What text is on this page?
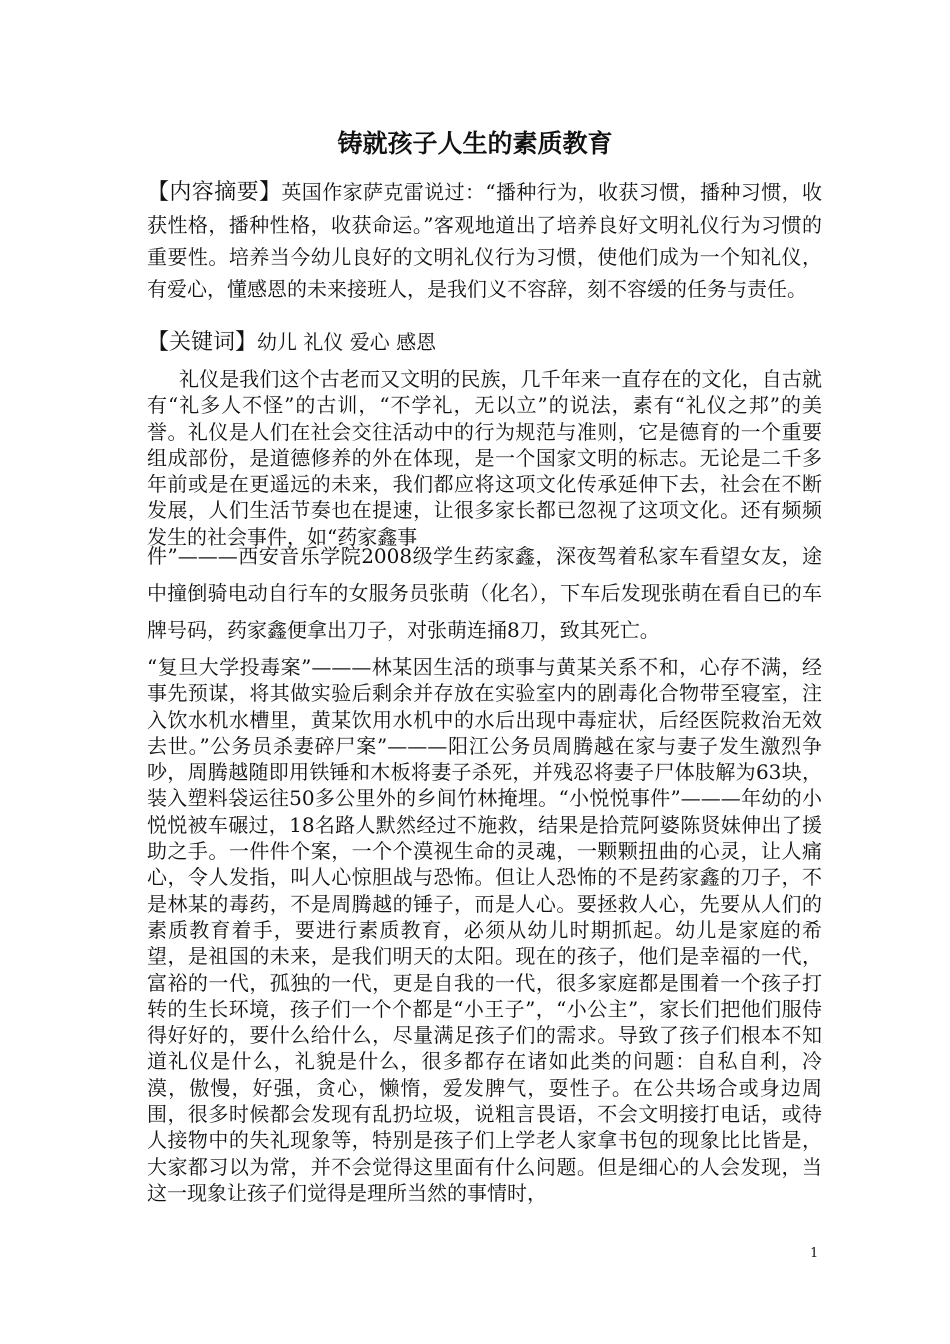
铸就孩子人生的素质教育

【内容摘要】英国作家萨克雷说过：“播种行为，收获习惯，播种习惯，收获性格，播种性格，收获命运。”客观地道出了培养良好文明礼仪行为习惯的重要性。培养当今幼儿良好的文明礼仪行为习惯，使他们成为一个知礼仪，有爱心，懂感恩的未来接班人，是我们义不容辞，刻不容缓的任务与责任。

【关键词】幼儿 礼仪 爱心 感恩

礼仪是我们这个古老而又文明的民族，几千年来一直存在的文化，自古就有“礼多人不怪”的古训，“不学礼，无以立”的说法，素有“礼仪之邦”的美誉。礼仪是人们在社会交往活动中的行为规范与准则，它是德育的一个重要组成部份，是道德修养的外在体现，是一个国家文明的标志。无论是二千多年前或是在更遥远的未来，我们都应将这项文化传承延伸下去，社会在不断发展，人们生活节奏也在提速，让很多家长都已忽视了这项文化。还有频频发生的社会事件，如“药家鑫事

件”———西安音乐学院2008级学生药家鑫，深夜驾着私家车看望女友，途中撞倒骑电动自行车的女服务员张萌（化名），下车后发现张萌在看自已的车牌号码，药家鑫便拿出刀子，对张萌连捅8刀，致其死亡。

“复旦大学投毒案”———林某因生活的琐事与黄某关系不和，心存不满，经事先预谋，将其做实验后剩余并存放在实验室内的剧毒化合物带至寝室，注入饮水机水槽里，黄某饮用水机中的水后出现中毒症状，后经医院救治无效去世。”公务员杀妻碎尸案”———阳江公务员周腾越在家与妻子发生激烈争吵，周腾越随即用铁锤和木板将妻子杀死，并残忍将妻子尸体肢解为63块，装入塑料袋运往50多公里外的乡间竹林掩埋。“小悦悦事件”———年幼的小悦悦被车碾过，18名路人默然经过不施救，结果是拾荒阿婆陈贤妹伸出了援助之手。一件件个案，一个个漠视生命的灵魂，一颗颗扭曲的心灵，让人痛心，令人发指，叫人心惊胆战与恐怖。但让人恐怖的不是药家鑫的刀子，不是林某的毒药，不是周腾越的锤子，而是人心。要拯救人心，先要从人们的素质教育着手，要进行素质教育，必须从幼儿时期抓起。幼儿是家庭的希望，是祖国的未来，是我们明天的太阳。现在的孩子，他们是幸福的一代，富裕的一代，孤独的一代，更是自我的一代，很多家庭都是围着一个孩子打转的生长环境，孩子们一个个都是“小王子”，“小公主”，家长们把他们服侍得好好的，要什么给什么，尽量满足孩子们的需求。导致了孩子们根本不知道礼仪是什么，礼貌是什么，很多都存在诸如此类的问题：自私自利，冷漠，傲慢，好强，贪心，懒惰，爱发脾气，耍性子。在公共场合或身边周围，很多时候都会发现有乱扔垃圾，说粗言畏语，不会文明接打电话，或待人接物中的失礼现象等，特别是孩子们上学老人家拿书包的现象比比皆是，大家都习以为常，并不会觉得这里面有什么问题。但是细心的人会发现，当这一现象让孩子们觉得是理所当然的事情时，

1
